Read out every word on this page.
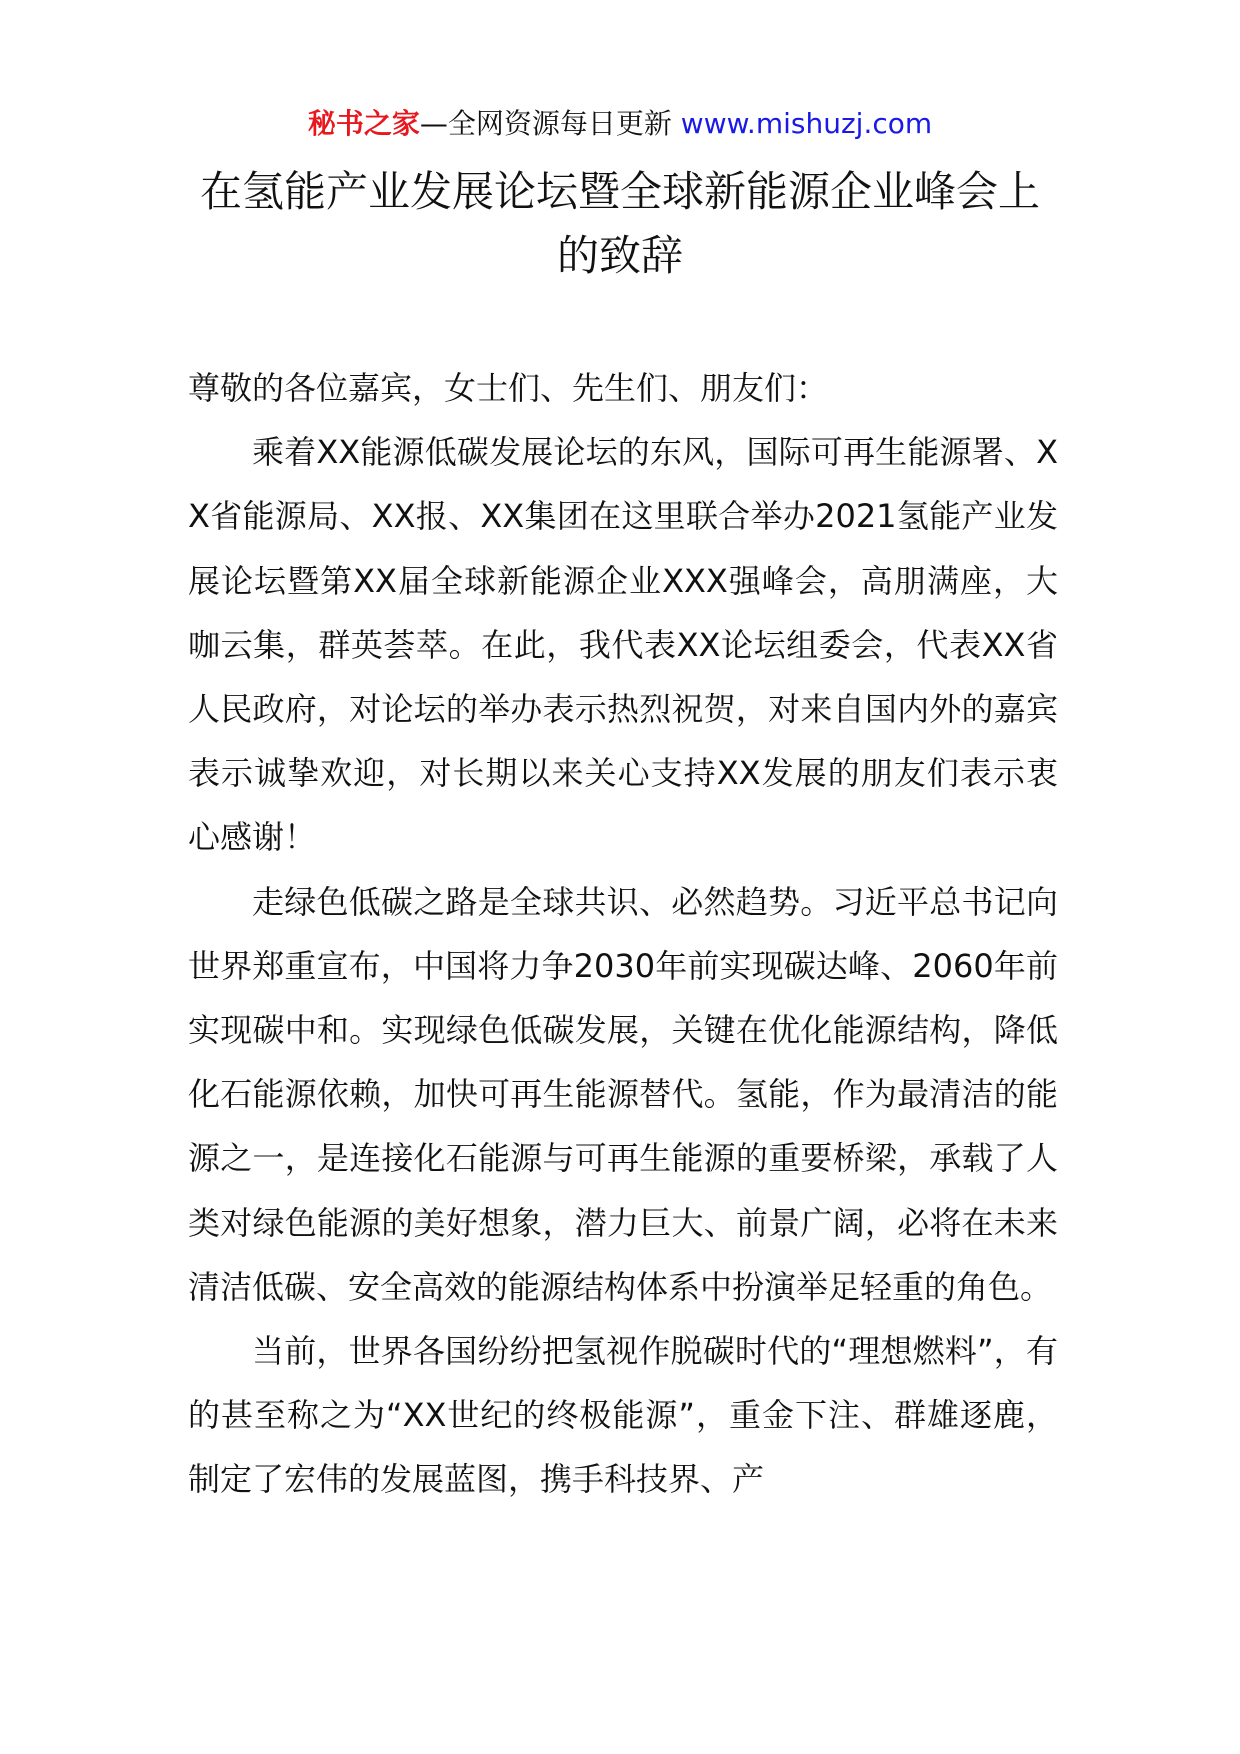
秘书之家—全网资源每日更新 www.mishuzj.com
在氢能产业发展论坛暨全球新能源企业峰会上的致辞

尊敬的各位嘉宾，女士们、先生们、朋友们：

乘着XX能源低碳发展论坛的东风，国际可再生能源署、XX省能源局、XX报、XX集团在这里联合举办2021氢能产业发展论坛暨第XX届全球新能源企业XXX强峰会，高朋满座，大咖云集，群英荟萃。在此，我代表XX论坛组委会，代表XX省人民政府，对论坛的举办表示热烈祝贺，对来自国内外的嘉宾表示诚挚欢迎，对长期以来关心支持XX发展的朋友们表示衷心感谢！

走绿色低碳之路是全球共识、必然趋势。习近平总书记向世界郑重宣布，中国将力争2030年前实现碳达峰、2060年前实现碳中和。实现绿色低碳发展，关键在优化能源结构，降低化石能源依赖，加快可再生能源替代。氢能，作为最清洁的能源之一，是连接化石能源与可再生能源的重要桥梁，承载了人类对绿色能源的美好想象，潜力巨大、前景广阔，必将在未来清洁低碳、安全高效的能源结构体系中扮演举足轻重的角色。

当前，世界各国纷纷把氢视作脱碳时代的“理想燃料”，有的甚至称之为“XX世纪的终极能源”，重金下注、群雄逐鹿，制定了宏伟的发展蓝图，携手科技界、产
